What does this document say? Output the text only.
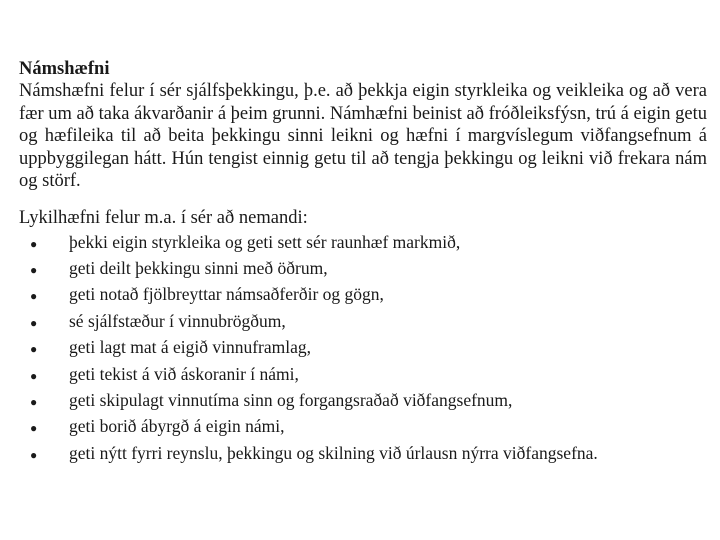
Námshæfni

Námshæfni felur í sér sjálfsþekkingu, þ.e. að þekkja eigin styrkleika og veikleika og að vera fær um að taka ákvarðanir á þeim grunni. Námhæfni beinist að fróðleiksfýsn, trú á eigin getu og hæfileika til að beita þekkingu sinni leikni og hæfni í margvíslegum viðfangsefnum á uppbyggilegan hátt. Hún tengist einnig getu til að tengja þekkingu og leikni við frekara nám og störf.

Lykilhæfni felur m.a. í sér að nemandi:

●	þekki eigin styrkleika og geti sett sér raunhæf markmið,
●	geti deilt þekkingu sinni með öðrum,
●	geti notað fjölbreyttar námsaðferðir og gögn,
●	sé sjálfstæður í vinnubrögðum,
●	geti lagt mat á eigið vinnuframlag,
●	geti tekist á við áskoranir í námi,
●	geti skipulagt vinnutíma sinn og forgangsraðað viðfangsefnum,
●	geti borið ábyrgð á eigin námi,
●	geti nýtt fyrri reynslu, þekkingu og skilning við úrlausn nýrra viðfangsefna.
